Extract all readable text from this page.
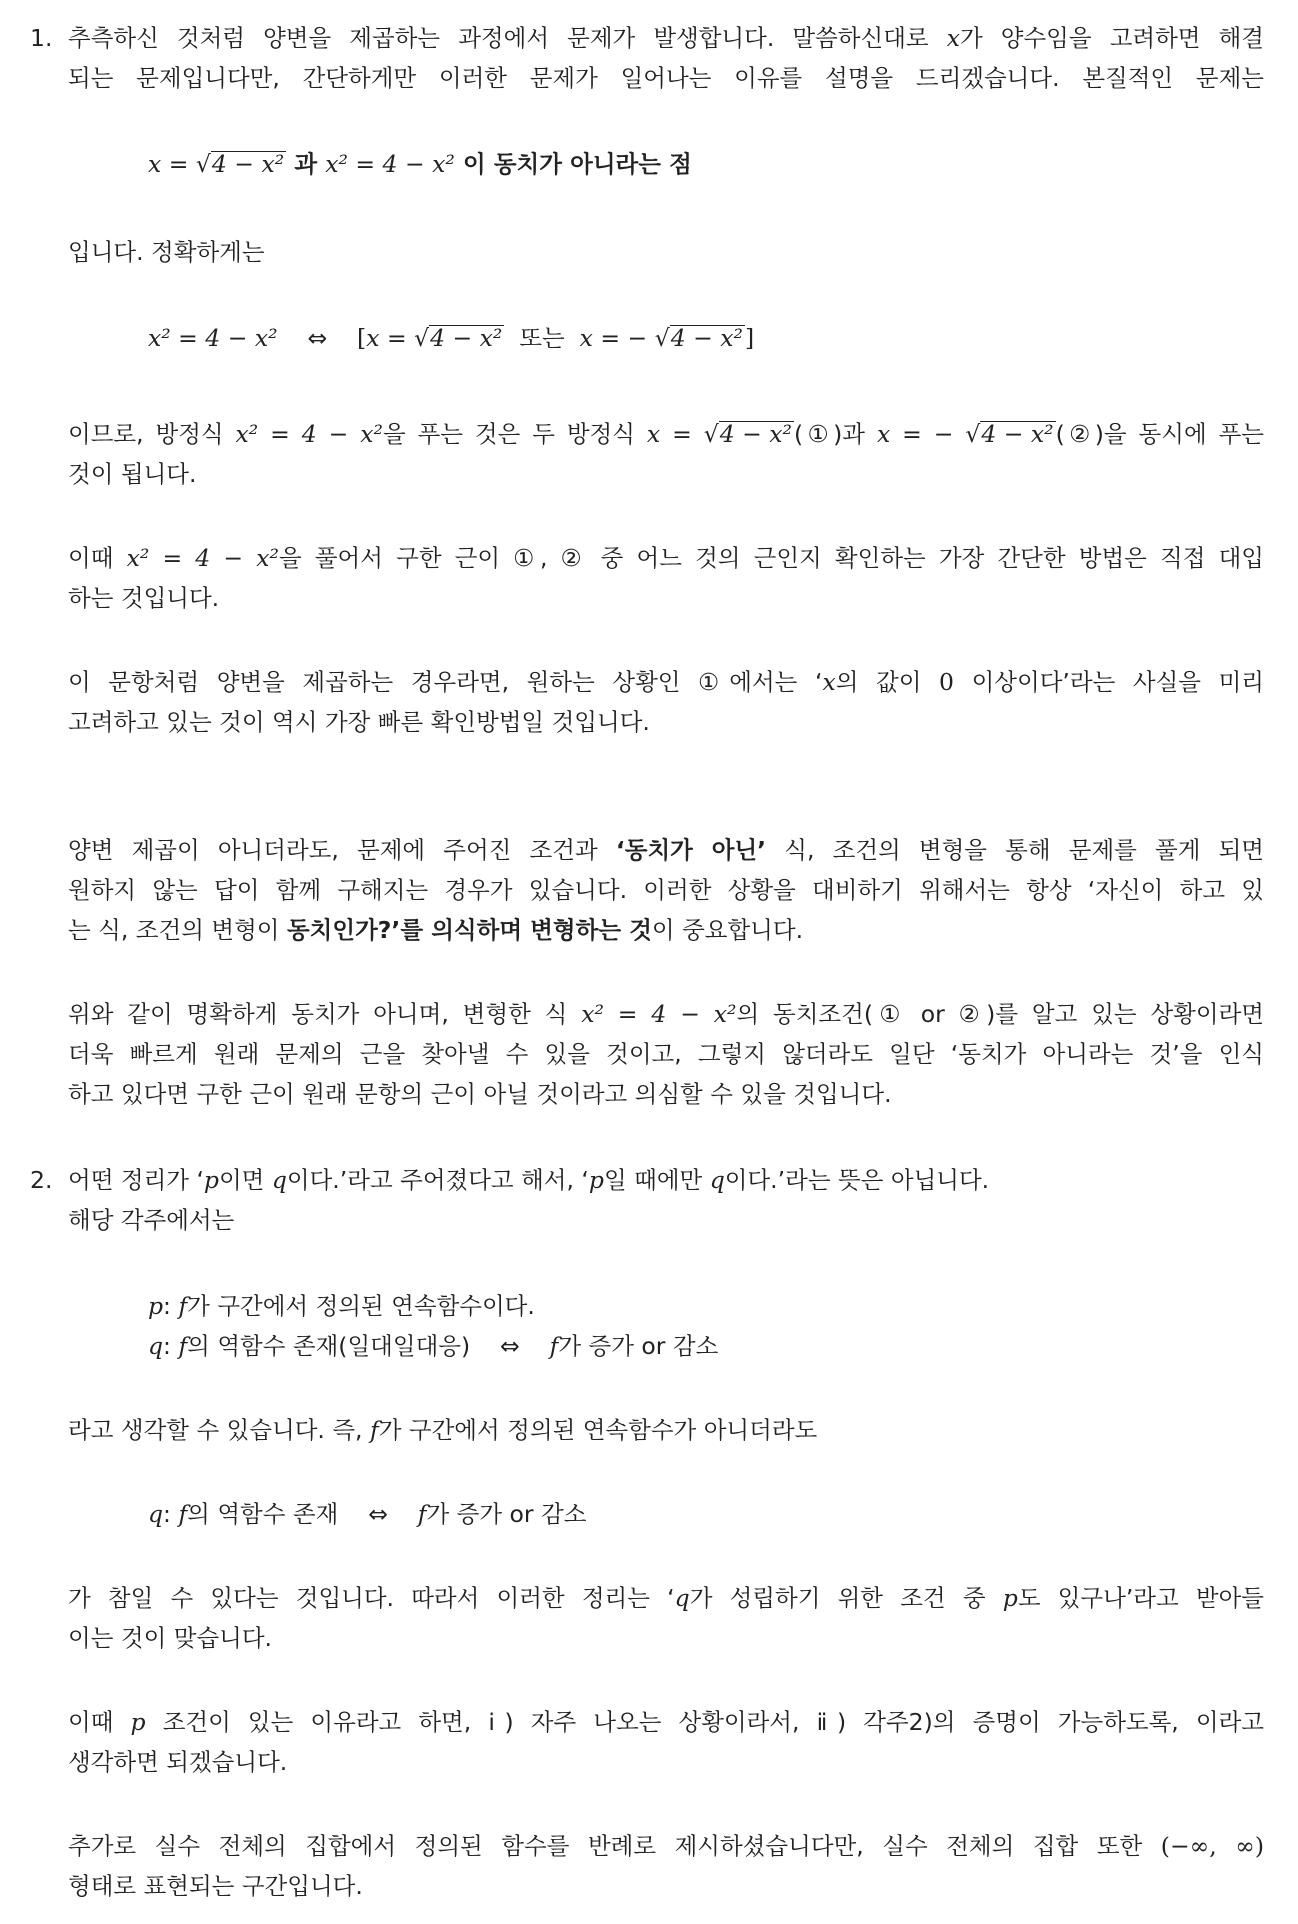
1. 추측하신 것처럼 양변을 제곱하는 과정에서 문제가 발생합니다. 말씀하신대로 x가 양수임을 고려하면 해결
되는 문제입니다만, 간단하게만 이러한 문제가 일어나는 이유를 설명을 드리겠습니다. 본질적인 문제는
x = √4 − x² 과 x² = 4 − x² 이 동치가 아니라는 점
입니다. 정확하게는
x² = 4 − x² ⇔ [x = √4 − x² 또는 x = − √4 − x²]
이므로, 방정식 x² = 4 − x²을 푸는 것은 두 방정식 x = √4 − x²(①)과 x = − √4 − x²(②)을 동시에 푸는
것이 됩니다.
이때 x² = 4 − x²을 풀어서 구한 근이 ①, ② 중 어느 것의 근인지 확인하는 가장 간단한 방법은 직접 대입
하는 것입니다.
이 문항처럼 양변을 제곱하는 경우라면, 원하는 상황인 ①에서는 ‘x의 값이 0 이상이다’라는 사실을 미리
고려하고 있는 것이 역시 가장 빠른 확인방법일 것입니다.
양변 제곱이 아니더라도, 문제에 주어진 조건과 ‘동치가 아닌’ 식, 조건의 변형을 통해 문제를 풀게 되면
원하지 않는 답이 함께 구해지는 경우가 있습니다. 이러한 상황을 대비하기 위해서는 항상 ‘자신이 하고 있
는 식, 조건의 변형이 동치인가?’를 의식하며 변형하는 것이 중요합니다.
위와 같이 명확하게 동치가 아니며, 변형한 식 x² = 4 − x²의 동치조건(① or ②)를 알고 있는 상황이라면
더욱 빠르게 원래 문제의 근을 찾아낼 수 있을 것이고, 그렇지 않더라도 일단 ‘동치가 아니라는 것’을 인식
하고 있다면 구한 근이 원래 문항의 근이 아닐 것이라고 의심할 수 있을 것입니다.
2. 어떤 정리가 ‘p이면 q이다.’라고 주어졌다고 해서, ‘p일 때에만 q이다.’라는 뜻은 아닙니다.
해당 각주에서는
p: f가 구간에서 정의된 연속함수이다.
q: f의 역함수 존재(일대일대응) ⇔ f가 증가 or 감소
라고 생각할 수 있습니다. 즉, f가 구간에서 정의된 연속함수가 아니더라도
q: f의 역함수 존재 ⇔ f가 증가 or 감소
가 참일 수 있다는 것입니다. 따라서 이러한 정리는 ‘q가 성립하기 위한 조건 중 p도 있구나’라고 받아들
이는 것이 맞습니다.
이때 p 조건이 있는 이유라고 하면, ⅰ) 자주 나오는 상황이라서, ⅱ) 각주2)의 증명이 가능하도록, 이라고
생각하면 되겠습니다.
추가로 실수 전체의 집합에서 정의된 함수를 반례로 제시하셨습니다만, 실수 전체의 집합 또한 (−∞, ∞)
형태로 표현되는 구간입니다.
